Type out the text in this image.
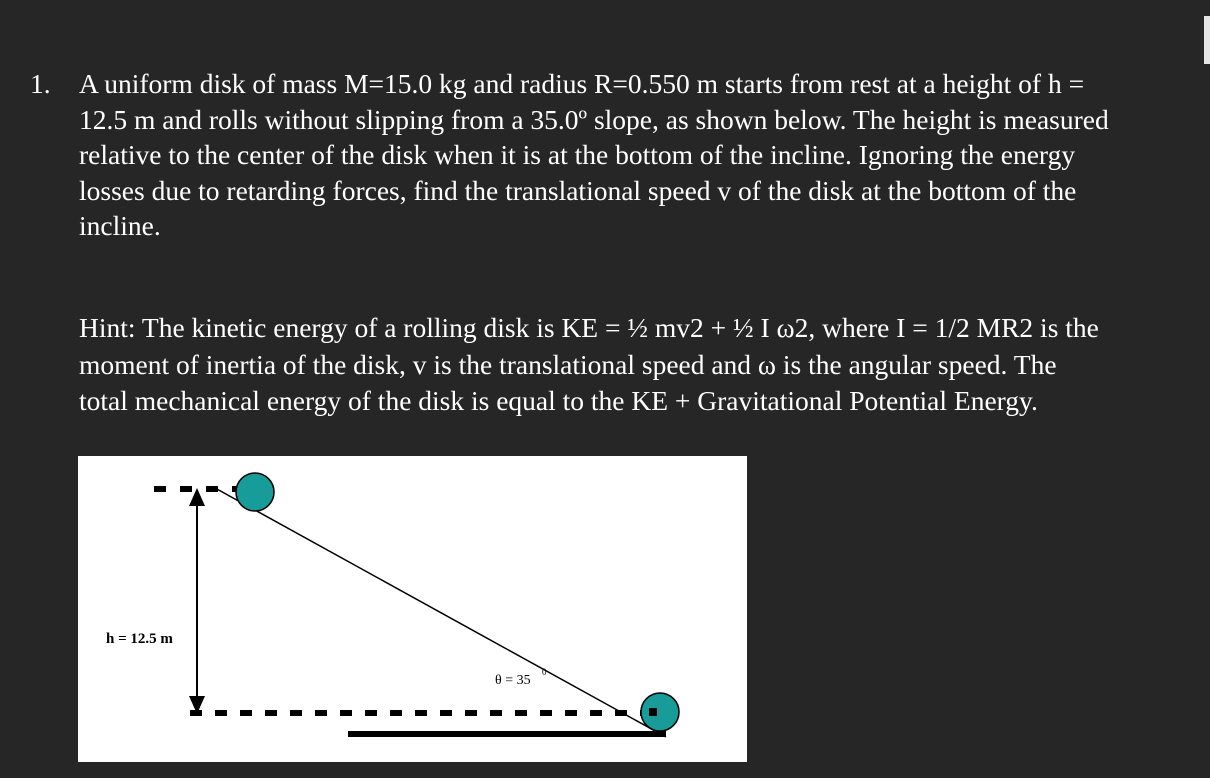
1. A uniform disk of mass M=15.0 kg and radius R=0.550 m starts from rest at a height of h =
12.5 m and rolls without slipping from a 35.0º slope, as shown below. The height is measured
relative to the center of the disk when it is at the bottom of the incline. Ignoring the energy
losses due to retarding forces, find the translational speed v of the disk at the bottom of the
incline.
Hint: The kinetic energy of a rolling disk is KE = ½ mv2 + ½ I ω2, where I = 1/2 MR2 is the
moment of inertia of the disk, v is the translational speed and ω is the angular speed. The
total mechanical energy of the disk is equal to the KE + Gravitational Potential Energy.
h = 12.5 m
θ = 35
0
